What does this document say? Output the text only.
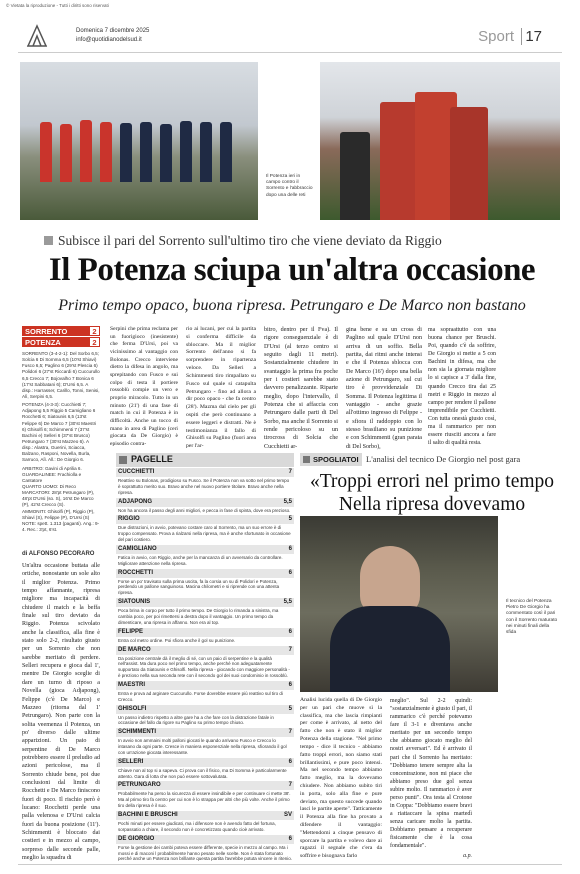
© Vietata la riproduzione - Tutti i diritti sono riservati
Domenica 7 dicembre 2025
info@quotidianodelsud.it	Sport 17
Il Potenza ieri in campo contro il Sorrento e l'abbraccio dopo una delle reti
Subisce il pari del Sorrento sull'ultimo tiro che viene deviato da Riggio
Il Potenza sciupa un'altra occasione
Primo tempo opaco, buona ripresa. Petrungaro e De Marco non bastano
SORRENTO	2
POTENZA	2

SORRENTO (3-4-2-1): Del Sorbo 6,5; Solcia 6 Di Somma 6,5 (10'st Shiavi) Fusco 6,5; Paglino 6 (29'st Plescia 6) Polidori 6 (27'st Riccardi 6) Cuccurullo 6,5 Crecco 7; Bojovalho 7 Bonica 6 (17'st Sabbatani 6); D'Ursi 6,5. A disp.: Harrasser, Carillo, Tonni, Senisi, Alì, Serpini 6,5.

POTENZA (4-3-3): Cucchietti 7; Adjapong 5,5 Riggio 5 Camigliano 6 Rocchetti 6; Siatounis 6,5 (13'st Felippe 6) De Marco 7 (30'st Maestri 6) Ghisolfi 6; Schimmenti 7 (37'st Bachini e) Selleri 6 (37'st Brusco) Petrungaro 7 (30'st Mazzeo 6). A disp.: Alastra, Guerini, Sciacca, Balzano, Rasponi, Novella, Burla, Sarruco, Alì. All.: De Giorgio 6.

ARBITRO: Gavini di Aprilia 6.

GUARDALINEE: Frachiolla e Cantatore

QUARTO UOMO: Di Reco

MARCATORI: 28'pt Petrungaro (P), 48'pt D'Ursi (so. S), 16'st De Marco (P), 42'st Crecco (S).

AMMONITI: Ghisolfi (P), Riggio (P), Shiavi (S), Felippe (P), D'Ursi (S)

NOTE: spett. 1.313 (paganti). Ang.: 9-4. Rec.: 3'pt, 6'st.

di ALFONSO PECORARO
Un'altra occasione buttata alle ortiche, nonostante un sole alto il miglior Potenza. Primo tempo affannante, ripresa migliore ma incapacità di chiudere il match e la beffa finale sul tiro deviato da Riggio. Potenza scivolato anche la classifica, alla fine è stato solo 2-2, risultato giusto per un Sorrento che non sarebbe meritato di perdere. Selleri recupera e gioca dal 1', mentre De Giorgio sceglie di dare un turno di riposo a Novella (gioca Adjapong), Felippe (c'è De Marco) e Mazzeo (ritorna dal 1' Petrungaro). Non parte con la solita veemenza il Potenza, un po' diverso dalle ultime apparizioni. Un paio di serpentine di De Marco potrebbero essere il preludio ad azioni pericolose, ma il Sorrento chiude bene, poi due conclusioni dal limite di Rocchetti e De Marco finiscono fuori di poco. Il rischio però è lucano: Rocchetti perde una palla velenosa e D'Ursi calcia fuori da buona posizione (11'). Schimmenti è bloccato dai costieri e in mezzo al campo, sorpreso dalle seconde palle, meglio la squadra di
Serpini che prima reclama per un fuorigioco (inesistente) che ferma D'Ursi, poi va vicinissimo al vantaggio con Bolonas. Crecco interviene dietro la difesa in angolo, ma sprepitando con Fusco e sui colpo di testa il portiere rossoblù compie un vero e proprio miracolo. Tutto in un minuto (21') di una fase di match in cui il Potenza è in difficoltà. Anche un tocco di mano in area di Paglino (ceri giocata da De Giorgio) è episodio contra-
rio ai lucani, per cui la partita si conferma difficile da sbloccare. Ma il miglior Sorrento dell'anno si fa sorprendere in ripartenza veloce. Da Selleri a Schimmenti tiro rimpallato su Fusco sul quale si catapulta Petrungaro - fino ad allora a dir poco opaco - che fa centro (28'). Mazma dal cielo per gli ospiti che però continuano a essere leggeri e distratti. Ne è testimonianza il fallo di Ghisolfi su Paglino (fuori area per l'ar-
bitro, dentro per il Fva). Il rigore conseguenziale è di D'Ursi (al terzo centro si seguito dagli 11 metri). Sostanzialmente chiudere in svantaggio la prima fra poche per i costieri sarebbe stato davvero penalizzante. Riparte meglio, dopo l'intervallo, il Potenza che si affaccia con Petrungaro dalle parti di Del Sorbo, ma anche il Sorrento si rende pericoloso su un tirocross di Solcia che Cucchietti ar-
gina bene e su un cross di Paglino sul quale D'Ursi non arriva di un soffio. Bella partita, dai ritmi anche intensi e che il Potenza sblocca con De Marco (16') dopo una bella azione di Petrungaro, sul cui tiro è provvidenziale Di Somma. Il Potenza legittima il vantaggio - anche grazie all'ottimo ingresso di Felippe - e sfiora il raddoppio con lo stesso brasiliano su punizione e con Schimmenti (gran parata di Del Sorbo),
ma sopraattutto con una buona chance per Bruschi. Poi, quando c'è da soffrire, De Giorgio si mette a 5 con Bachini in difesa, ma che non sia la giornata migliore lo si capisce a 3' dalla fine, quando Crecco tira dai 25 metri e Riggio in mezzo al campo per rendere il pallone imprendibile per Cucchietti. Con tutta onestà giusto così, ma il rammarico per non essere riusciti ancora a fare il salto di qualità resta.
PAGELLE
CUCCHIETTI	7
Reattivo su Bolonas, prodigioso su Fusco. Se il Potenza non va sotto nel primo tempo è soprattutto merito suo. Bravo anche nel nuovo portiere titolare. Bravo anche nella ripresa.
ADJAPONG	5,5
Non ha ancora il passo degli anni migliori, e pecca in fase di spinta, dove era prezioso.
RIGGIO	5
Due distrazioni, in avvio, potevano costare caro al Sorrento, ma un suo errore è di troppo compensato. Prova a rialzarsi nella ripresa, ma è anche sfortunato in occasione del pari costiero.
CAMIGLIANO	6
Fatica in avvio, con Riggio, anche per la mancanza di un avversario da controllare. Migliorare attenzione nella ripresa.
ROCCHETTI	6
Forse un po' travisato sulla prima uscita, fa la corsia un su di Polidori e Potenza, perdendo un pallone sanguinoso. Macina chilometri e si riprende con una attenta ripresa.
SIATOUNIS	5,5
Poca brina in corpo per tutto il primo tempo. De Giorgio lo rimanda a sinistra, ma cambia poco, per poi rimettersi a destra dopo il vantaggio. Un primo tempo da dimenticare, una ripresa in affanno. Non era al top.
FELIPPE	6
Entra col metro ordine. Poi sfiora anche il gol su punizione.
DE MARCO	7
Da posizione centrale dà il meglio di sé, con un paio di serpentine e la qualità nell'assist. Ma dura poco nel primo tempo, anche perché non adeguatamente supportato da Siatounis e Ghisolfi. Nella ripresa - giocando con maggiore personalità - è prezioso nella sua seconda rete con il secondo gol dei suoi condominio in rossoblù.
MAESTRI	6
Entra e prova ad arginare Cuccurullo. Forse dovrebbe essere più reattivo sul tiro di Crecco.
GHISOLFI	5
Un passo indietro rispetto a altre gare ha a che fare con la distrazione fatale in occasione del fallo da rigore su Paglino su primo tempo chiuso.
SCHIMMENTI	7
In avvio non ammaini molti palloni giocati le quando arrivano Fusco e Crecco lo intasano da ogni parte. Cresce in maniera esponenziale nella ripresa, sfiorando il gol con un'azione giocata interessante.
SELLERI	6
Chiave non al top si a sapeva. Ci prova con il fisico, ma Di Somma è particolarmente attento. Gara di lotta che non può essere sottovalutata.
PETRUNGARO	7
Probabilmente ha perso la sicurezza di essere insindibile e per continuare ci mette 38'. Ma al primo tiro fa centro per cui non è lo strappa per altri che più volte. Anche il primo tiro della ripresa è il suo.
BACHINI E BRUSCHI	SV
Pochi minuti per essere giudicati, ma i difensore non è avendo fatto del fortuna, sorpassatio a chiare, il secondo non è concretizzato quando cioè arrivato.
DE GIORGIO	6
Forse la gestione dei cambi poteva essere differente, specie in mezzo al campo. Ma i mossi e di maconi l probabilmente hanno pesato nelle scelte. Non è stata fortunato perché anche un Potenza non brillante questa partita l'avrebbe potuta vincere in ritenio.
SPOGLIATOI L'analisi del tecnico De Giorgio nel post gara
«Troppi errori nel primo tempo Nella ripresa dovevamo
Il tecnico del Potenza Pietro De Giorgio ha commentato così il pari con il Sorrento maturato nei minuti finali della sfida
Analisi lucida quella di De Giorgio per un pari che muove sì la classifica, ma che lascia rimpianti per come è arrivato, al netto del fatto che non è stato il miglior Potenza della stagione. "Nel primo tempo - dice il tecnico - abbiamo fatto troppi errori, non siamo stati brillantissimi, e pure poco intensi. Ma nel secondo tempo abbiamo fatto meglio, ma la dovevamo chiudere. Non abbiamo subito tiri in porta, solo alla fine e pure deviato, ma questo succede quando lasci le partite aperte". Tatticamente il Potenza alla fine ha provato a difendere il vantaggio: "Mettendomi a cinque pensavo di sporcare la partita e volevo dare ai ragazzi il segnale che c'era da soffrire e bisognava farlo
meglio". Sul 2-2 quindi: "sostanzialmente è giusto il pari, il rammarico c'è perché potevamo fare il 3-1 e diventava anche meritato per un secondo tempo che abbiamo giocato meglio del nostri avversari". Ed è arrivato il pari che il Sorrento ha meritato: "Dobbiamo tenere sempre alta la concentrazione, non mi piace che abbiamo preso due gol senza subire molto. Il rammarico è aver perso punti". Ora testa al Crotone in Coppa: "Dobbiamo essere bravi a riattaccare la spina martedì senza caricare molto la partita. Dobbiamo pensare a recuperare fisicamente che è la cosa fondamentale".
a.p.
